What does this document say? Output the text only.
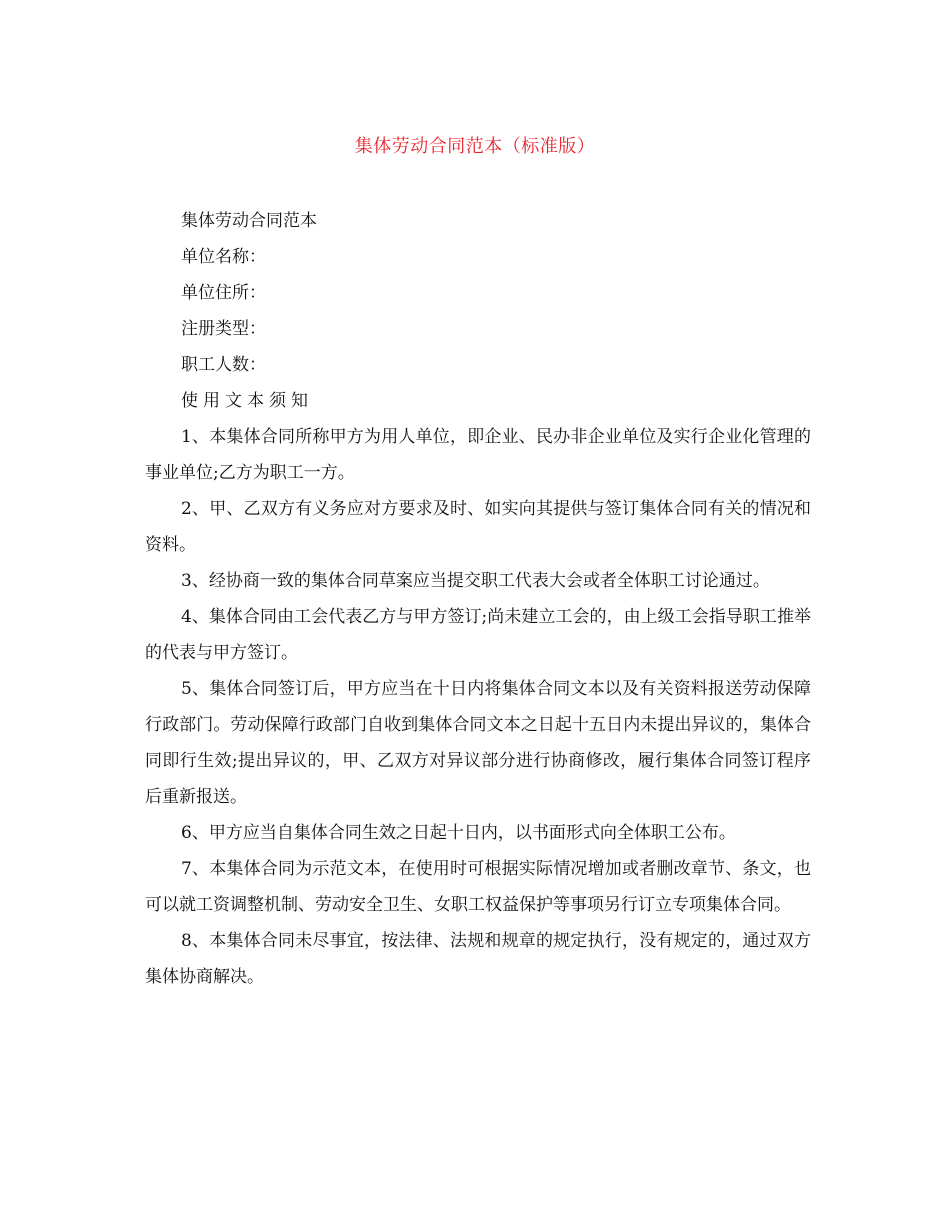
集体劳动合同范本（标准版）

集体劳动合同范本

单位名称：

单位住所：

注册类型：

职工人数：

使用文本须知

1、本集体合同所称甲方为用人单位，即企业、民办非企业单位及实行企业化管理的事业单位;乙方为职工一方。

2、甲、乙双方有义务应对方要求及时、如实向其提供与签订集体合同有关的情况和资料。

3、经协商一致的集体合同草案应当提交职工代表大会或者全体职工讨论通过。

4、集体合同由工会代表乙方与甲方签订;尚未建立工会的，由上级工会指导职工推举的代表与甲方签订。

5、集体合同签订后，甲方应当在十日内将集体合同文本以及有关资料报送劳动保障行政部门。劳动保障行政部门自收到集体合同文本之日起十五日内未提出异议的，集体合同即行生效;提出异议的，甲、乙双方对异议部分进行协商修改，履行集体合同签订程序后重新报送。

6、甲方应当自集体合同生效之日起十日内，以书面形式向全体职工公布。

7、本集体合同为示范文本，在使用时可根据实际情况增加或者删改章节、条文，也可以就工资调整机制、劳动安全卫生、女职工权益保护等事项另行订立专项集体合同。

8、本集体合同未尽事宜，按法律、法规和规章的规定执行，没有规定的，通过双方集体协商解决。
